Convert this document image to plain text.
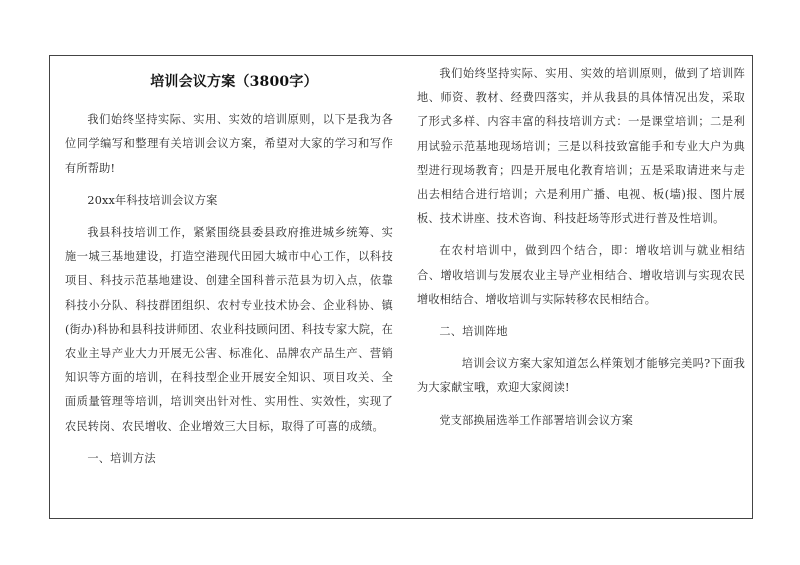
培训会议方案（3800字）

我们始终坚持实际、实用、实效的培训原则，以下是我为各位同学编写和整理有关培训会议方案，希望对大家的学习和写作有所帮助!

20xx年科技培训会议方案

我县科技培训工作，紧紧围绕县委县政府推进城乡统筹、实施一城三基地建设，打造空港现代田园大城市中心工作，以科技项目、科技示范基地建设、创建全国科普示范县为切入点，依靠科技小分队、科技群团组织、农村专业技术协会、企业科协、镇(街办)科协和县科技讲师团、农业科技顾问团、科技专家大院，在农业主导产业大力开展无公害、标准化、品牌农产品生产、营销知识等方面的培训，在科技型企业开展安全知识、项目攻关、全面质量管理等培训，培训突出针对性、实用性、实效性，实现了农民转岗、农民增收、企业增效三大目标，取得了可喜的成绩。

一、培训方法

我们始终坚持实际、实用、实效的培训原则，做到了培训阵地、师资、教材、经费四落实，并从我县的具体情况出发，采取了形式多样、内容丰富的科技培训方式：一是课堂培训；二是利用试验示范基地现场培训；三是以科技致富能手和专业大户为典型进行现场教育；四是开展电化教育培训；五是采取请进来与走出去相结合进行培训；六是利用广播、电视、板(墙)报、图片展板、技术讲座、技术咨询、科技赶场等形式进行普及性培训。

在农村培训中，做到四个结合，即：增收培训与就业相结合、增收培训与发展农业主导产业相结合、增收培训与实现农民增收相结合、增收培训与实际转移农民相结合。

二、培训阵地

培训会议方案大家知道怎么样策划才能够完美吗?下面我为大家献宝哦，欢迎大家阅读!

党支部换届选举工作部署培训会议方案
